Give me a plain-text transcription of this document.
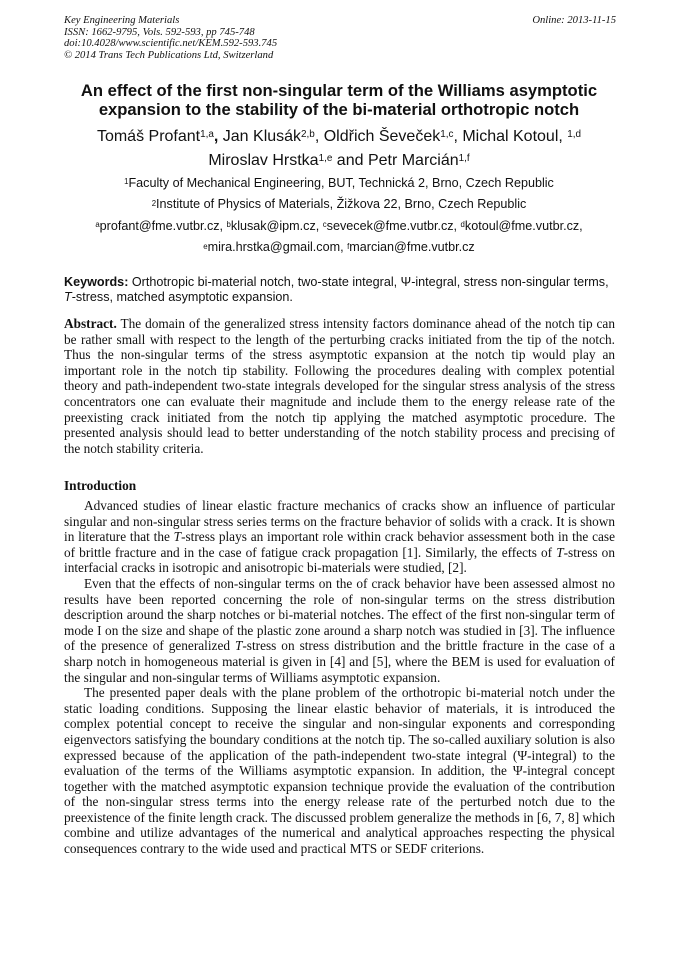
Key Engineering Materials
ISSN: 1662-9795, Vols. 592-593, pp 745-748
doi:10.4028/www.scientific.net/KEM.592-593.745
© 2014 Trans Tech Publications Ltd, Switzerland
Online: 2013-11-15
An effect of the first non-singular term of the Williams asymptotic
expansion to the stability of the bi-material orthotropic notch
Tomáš Profant$^{1,a}$, Jan Klusák$^{2,b}$, Oldřich Ševeček$^{1,c}$, Michal Kotoul, $^{1,d}$
Miroslav Hrstka$^{1,e}$ and Petr Marcián$^{1,f}$
$^1$Faculty of Mechanical Engineering, BUT, Technická 2, Brno, Czech Republic
$^2$Institute of Physics of Materials, Žižkova 22, Brno, Czech Republic
$^a$profant@fme.vutbr.cz, $^b$klusak@ipm.cz, $^c$sevecek@fme.vutbr.cz, $^d$kotoul@fme.vutbr.cz,
$^e$mira.hrstka@gmail.com, $^f$marcian@fme.vutbr.cz
Keywords: Orthotropic bi-material notch, two-state integral, Ψ-integral, stress non-singular terms, T-stress, matched asymptotic expansion.
Abstract. The domain of the generalized stress intensity factors dominance ahead of the notch tip can be rather small with respect to the length of the perturbing cracks initiated from the tip of the notch. Thus the non-singular terms of the stress asymptotic expansion at the notch tip would play an important role in the notch tip stability. Following the procedures dealing with complex potential theory and path-independent two-state integrals developed for the singular stress analysis of the stress concentrators one can evaluate their magnitude and include them to the energy release rate of the preexisting crack initiated from the notch tip applying the matched asymptotic procedure. The presented analysis should lead to better understanding of the notch stability process and precising of the notch stability criteria.
Introduction

Advanced studies of linear elastic fracture mechanics of cracks show an influence of particular singular and non-singular stress series terms on the fracture behavior of solids with a crack. It is shown in literature that the T-stress plays an important role within crack behavior assessment both in the case of brittle fracture and in the case of fatigue crack propagation [1]. Similarly, the effects of T-stress on interfacial cracks in isotropic and anisotropic bi-materials were studied, [2].

Even that the effects of non-singular terms on the of crack behavior have been assessed almost no results have been reported concerning the role of non-singular terms on the stress distribution description around the sharp notches or bi-material notches. The effect of the first non-singular term of mode I on the size and shape of the plastic zone around a sharp notch was studied in [3]. The influence of the presence of generalized T-stress on stress distribution and the brittle fracture in the case of a sharp notch in homogeneous material is given in [4] and [5], where the BEM is used for evaluation of the singular and non-singular terms of Williams asymptotic expansion.

The presented paper deals with the plane problem of the orthotropic bi-material notch under the static loading conditions. Supposing the linear elastic behavior of materials, it is introduced the complex potential concept to receive the singular and non-singular exponents and corresponding eigenvectors satisfying the boundary conditions at the notch tip. The so-called auxiliary solution is also expressed because of the application of the path-independent two-state integral (Ψ-integral) to the evaluation of the terms of the Williams asymptotic expansion. In addition, the Ψ-integral concept together with the matched asymptotic expansion technique provide the evaluation of the contribution of the non-singular stress terms into the energy release rate of the perturbed notch due to the preexistence of the finite length crack. The discussed problem generalize the methods in [6, 7, 8] which combine and utilize advantages of the numerical and analytical approaches respecting the physical consequences contrary to the wide used and practical MTS or SEDF criterions.
